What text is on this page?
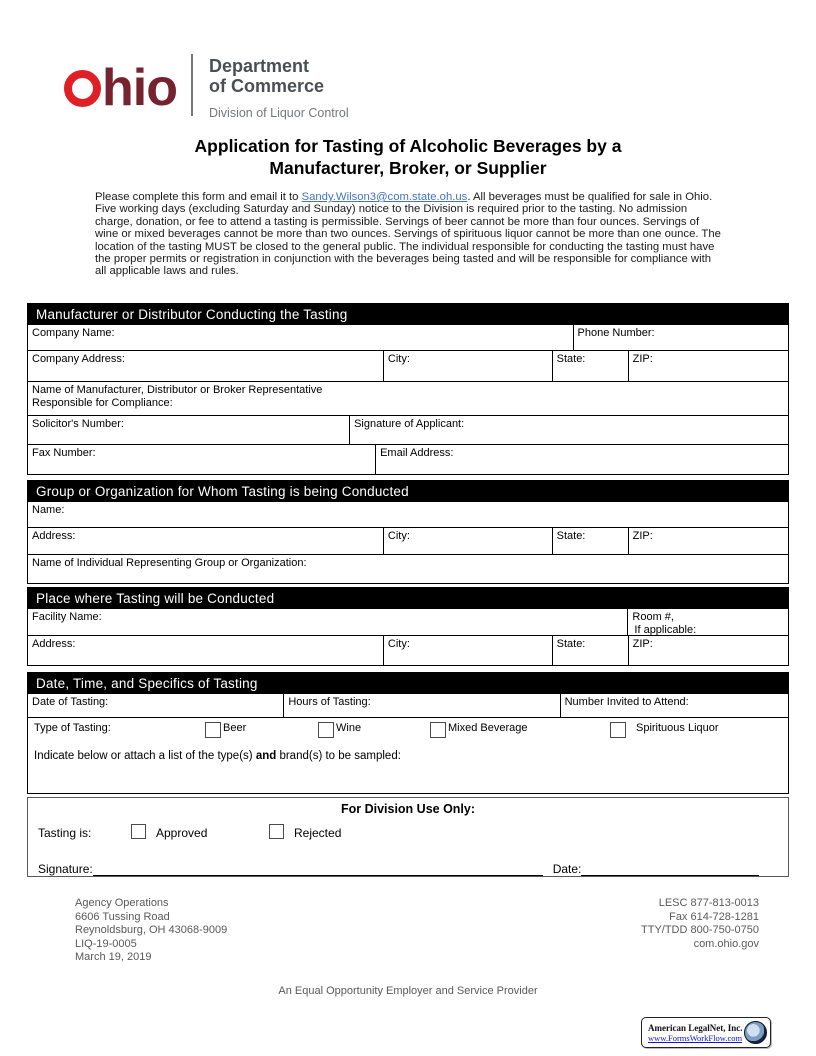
hio Department
of Commerce
Division of Liquor Control
Application for Tasting of Alcoholic Beverages by a
Manufacturer, Broker, or Supplier
Please complete this form and email it to Sandy.Wilson3@com.state.oh.us. All beverages must be qualified for sale in Ohio. Five working days (excluding Saturday and Sunday) notice to the Division is required prior to the tasting. No admission charge, donation, or fee to attend a tasting is permissible. Servings of beer cannot be more than four ounces. Servings of wine or mixed beverages cannot be more than two ounces. Servings of spirituous liquor cannot be more than one ounce. The location of the tasting MUST be closed to the general public. The individual responsible for conducting the tasting must have the proper permits or registration in conjunction with the beverages being tasted and will be responsible for compliance with all applicable laws and rules.
Manufacturer or Distributor Conducting the Tasting
Company Name:	Phone Number:
Company Address:	City:	State:	ZIP:
Name of Manufacturer, Distributor or Broker Representative
Responsible for Compliance:
Solicitor's Number:	Signature of Applicant:
Fax Number:	Email Address:
Group or Organization for Whom Tasting is being Conducted
Name:
Address:	City:	State:	ZIP:
Name of Individual Representing Group or Organization:
Place where Tasting will be Conducted
Facility Name:	Room #,
If applicable:
Address:	City:	State:	ZIP:
Date, Time, and Specifics of Tasting
Date of Tasting:	Hours of Tasting:	Number Invited to Attend:
Type of Tasting:	Beer	Wine	Mixed Beverage	Spirituous Liquor
Indicate below or attach a list of the type(s) and brand(s) to be sampled:
For Division Use Only:
Tasting is:	Approved	Rejected
Signature:	Date:
Agency Operations
6606 Tussing Road
Reynoldsburg, OH 43068-9009
LIQ-19-0005
March 19, 2019
LESC 877-813-0013
Fax 614-728-1281
TTY/TDD 800-750-0750
com.ohio.gov
An Equal Opportunity Employer and Service Provider
American LegalNet, Inc.
www.FormsWorkFlow.com
